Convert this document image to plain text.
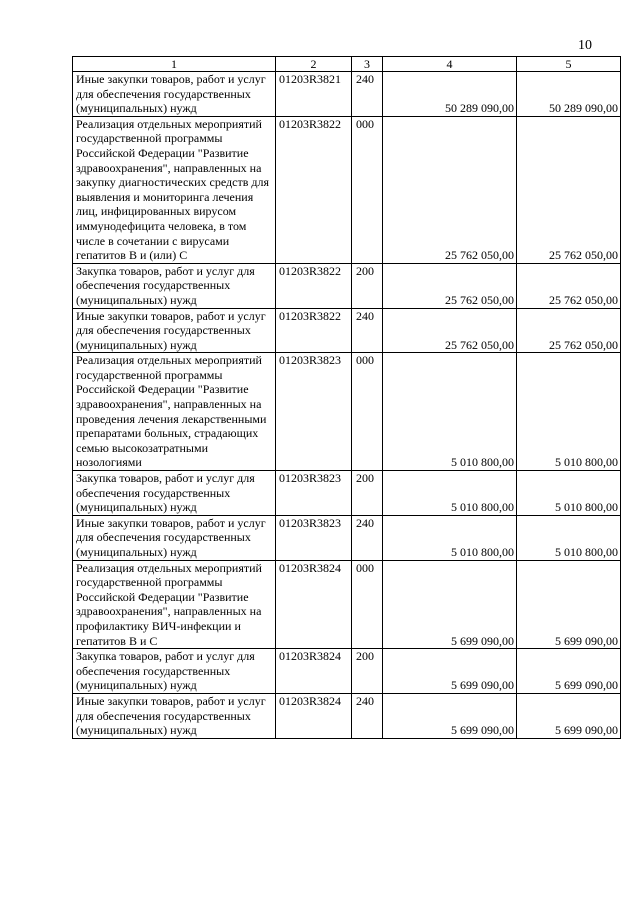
10
1	2	3	4	5
Иные закупки товаров, работ и услуг для обеспечения государственных (муниципальных) нужд	01203R3821	240	50 289 090,00	50 289 090,00
Реализация отдельных мероприятий государственной программы Российской Федерации "Развитие здравоохранения", направленных на закупку диагностических средств для выявления и мониторинга лечения лиц, инфицированных вирусом иммунодефицита человека, в том числе в сочетании с вирусами гепатитов B и (или) C	01203R3822	000	25 762 050,00	25 762 050,00
Закупка товаров, работ и услуг для обеспечения государственных (муниципальных) нужд	01203R3822	200	25 762 050,00	25 762 050,00
Иные закупки товаров, работ и услуг для обеспечения государственных (муниципальных) нужд	01203R3822	240	25 762 050,00	25 762 050,00
Реализация отдельных мероприятий государственной программы Российской Федерации "Развитие здравоохранения", направленных на проведения лечения лекарственными препаратами больных, страдающих семью высокозатратными нозологиями	01203R3823	000	5 010 800,00	5 010 800,00
Закупка товаров, работ и услуг для обеспечения государственных (муниципальных) нужд	01203R3823	200	5 010 800,00	5 010 800,00
Иные закупки товаров, работ и услуг для обеспечения государственных (муниципальных) нужд	01203R3823	240	5 010 800,00	5 010 800,00
Реализация отдельных мероприятий государственной программы Российской Федерации "Развитие здравоохранения", направленных на профилактику ВИЧ-инфекции и гепатитов B и C	01203R3824	000	5 699 090,00	5 699 090,00
Закупка товаров, работ и услуг для обеспечения государственных (муниципальных) нужд	01203R3824	200	5 699 090,00	5 699 090,00
Иные закупки товаров, работ и услуг для обеспечения государственных (муниципальных) нужд	01203R3824	240	5 699 090,00	5 699 090,00
